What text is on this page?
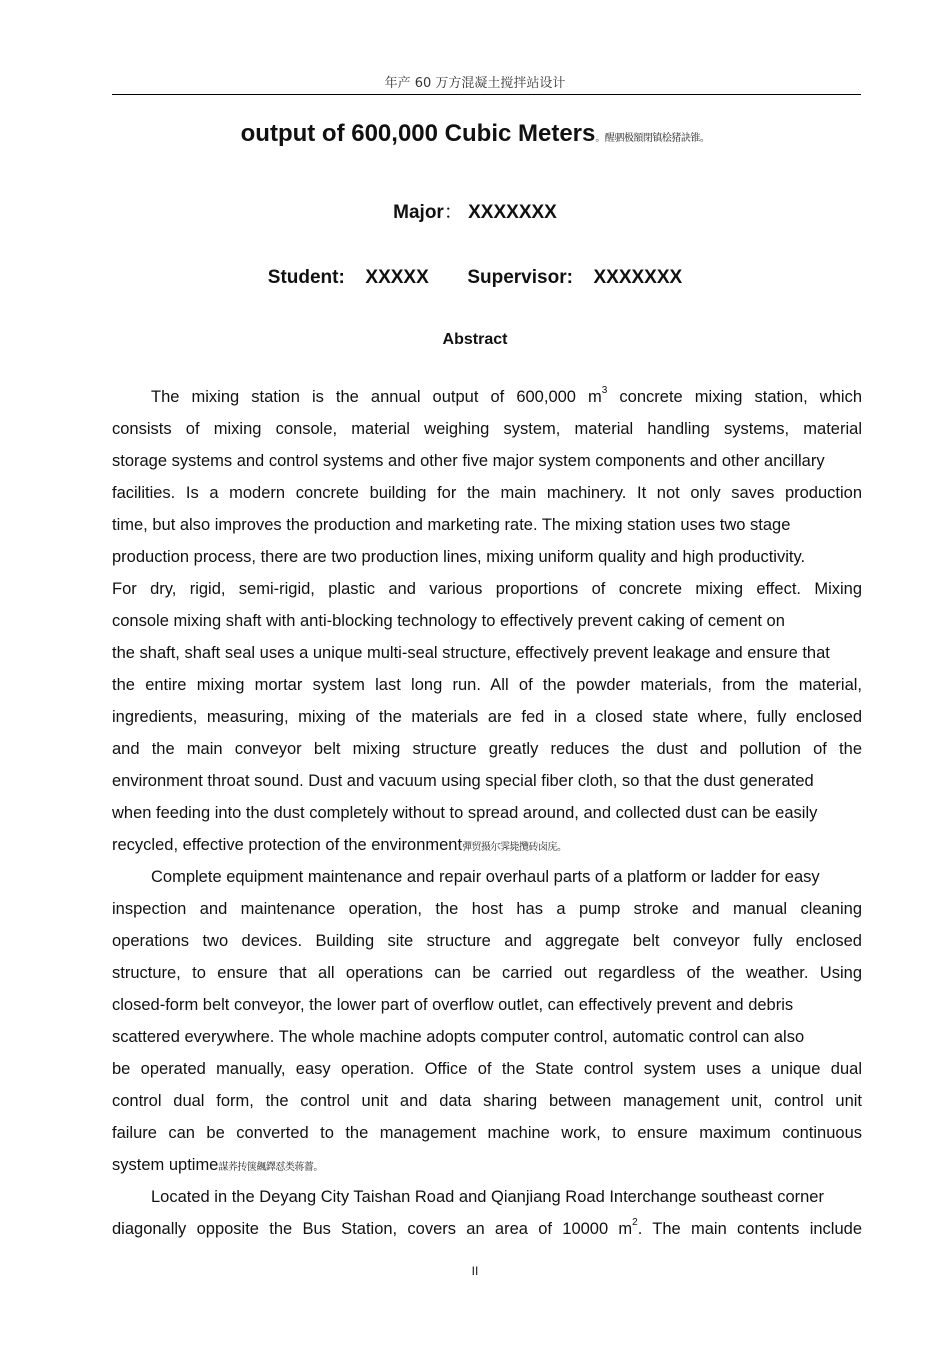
年产 60 万方混凝土搅拌站设计
output of 600,000 Cubic Meters。醒驷极額閉镇桧猪訣锥。
Major： XXXXXXX
Student: XXXXX Supervisor: XXXXXXX
Abstract
The mixing station is the annual output of 600,000 $m^3$ concrete mixing station, which
consists of mixing console, material weighing system, material handling systems, material
storage systems and control systems and other five major system components and other ancillary
facilities. Is a modern concrete building for the main machinery. It not only saves production
time, but also improves the production and marketing rate. The mixing station uses two stage
production process, there are two production lines, mixing uniform quality and high productivity.
For dry, rigid, semi-rigid, plastic and various proportions of concrete mixing effect. Mixing
console mixing shaft with anti-blocking technology to effectively prevent caking of cement on
the shaft, shaft seal uses a unique multi-seal structure, effectively prevent leakage and ensure that
the entire mixing mortar system last long run. All of the powder materials, from the material,
ingredients, measuring, mixing of the materials are fed in a closed state where, fully enclosed
and the main conveyor belt mixing structure greatly reduces the dust and pollution of the
environment throat sound. Dust and vacuum using special fiber cloth, so that the dust generated
when feeding into the dust completely without to spread around, and collected dust can be easily
recycled, effective protection of the environment彈贸摄尔霁毙攬砖卤庑。
Complete equipment maintenance and repair overhaul parts of a platform or ladder for easy
inspection and maintenance operation, the host has a pump stroke and manual cleaning
operations two devices. Building site structure and aggregate belt conveyor fully enclosed
structure, to ensure that all operations can be carried out regardless of the weather. Using
closed-form belt conveyor, the lower part of overflow outlet, can effectively prevent and debris
scattered everywhere. The whole machine adopts computer control, automatic control can also
be operated manually, easy operation. Office of the State control system uses a unique dual
control dual form, the control unit and data sharing between management unit, control unit
failure can be converted to the management machine work, to ensure maximum continuous
system uptime謀荞抟箧飆鐸怼类蒋薔。
Located in the Deyang City Taishan Road and Qianjiang Road Interchange southeast corner
diagonally opposite the Bus Station, covers an area of 10000 $m^2$. The main contents include
II
